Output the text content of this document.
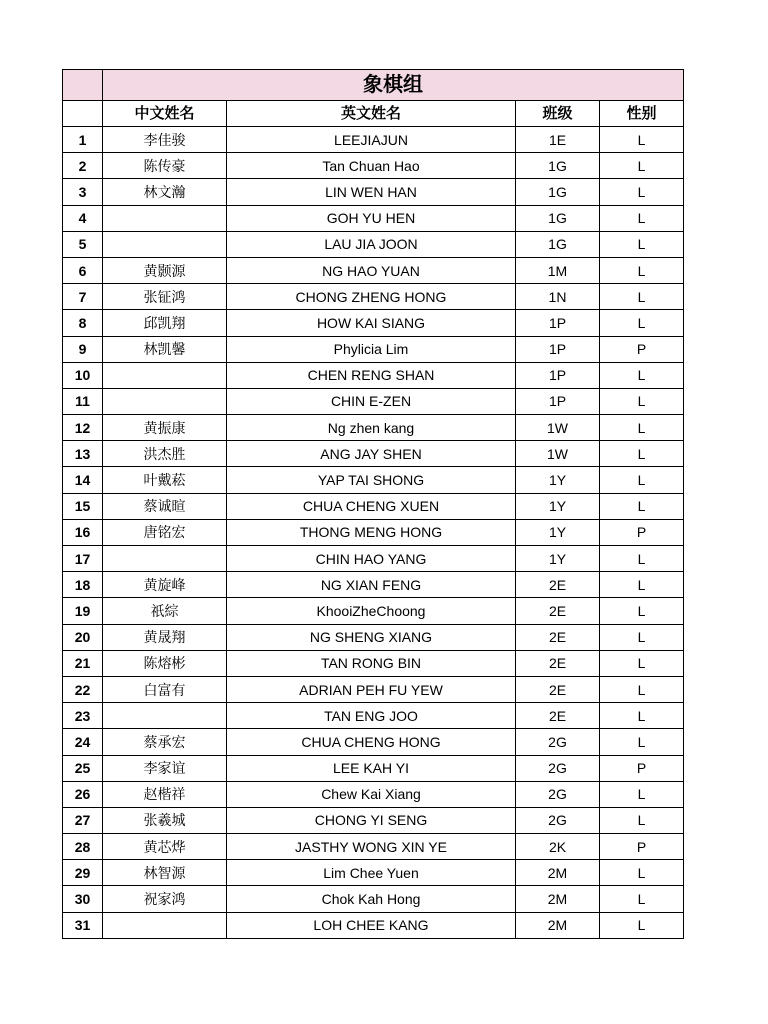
	象棋组			
	中文姓名	英文姓名	班级	性别
1	李佳骏	LEEJIAJUN	1E	L
2	陈传豪	Tan Chuan Hao	1G	L
3	林文瀚	LIN WEN HAN	1G	L
4		GOH YU HEN	1G	L
5		LAU JIA JOON	1G	L
6	黄颢源	NG HAO YUAN	1M	L
7	张钲鸿	CHONG ZHENG HONG	1N	L
8	邱凯翔	HOW KAI SIANG	1P	L
9	林凯馨	Phylicia Lim	1P	P
10		CHEN RENG SHAN	1P	L
11		CHIN E-ZEN	1P	L
12	黄振康	Ng zhen kang	1W	L
13	洪杰胜	ANG JAY SHEN	1W	L
14	叶戴菘	YAP TAI SHONG	1Y	L
15	蔡诚暄	CHUA CHENG XUEN	1Y	L
16	唐铭宏	THONG MENG HONG	1Y	P
17		CHIN HAO YANG	1Y	L
18	黄旋峰	NG XIAN FENG	2E	L
19	祇綜	KhooiZheChoong	2E	L
20	黄晟翔	NG SHENG XIANG	2E	L
21	陈熔彬	TAN RONG BIN	2E	L
22	白富有	ADRIAN PEH FU YEW	2E	L
23		TAN ENG JOO	2E	L
24	蔡承宏	CHUA CHENG HONG	2G	L
25	李家谊	LEE KAH YI	2G	P
26	赵楷祥	Chew Kai Xiang	2G	L
27	张羲城	CHONG YI SENG	2G	L
28	黄芯烨	JASTHY WONG XIN YE	2K	P
29	林智源	Lim Chee Yuen	2M	L
30	祝家鸿	Chok Kah Hong	2M	L
31		LOH CHEE KANG	2M	L
